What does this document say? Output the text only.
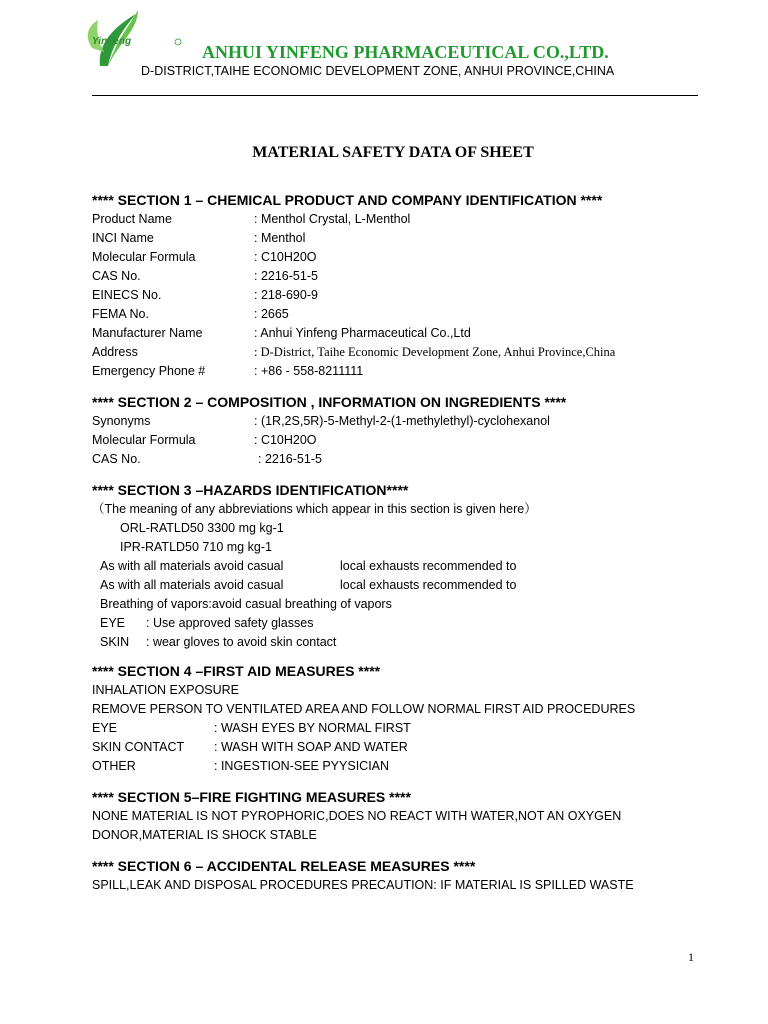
YinFeng
ANHUI YINFENG PHARMACEUTICAL CO.,LTD.
D-DISTRICT,TAIHE ECONOMIC DEVELOPMENT ZONE, ANHUI PROVINCE,CHINA
MATERIAL SAFETY DATA OF SHEET
**** SECTION 1 – CHEMICAL PRODUCT AND COMPANY IDENTIFICATION ****
Product Name	: Menthol Crystal, L-Menthol
INCI Name	: Menthol
Molecular Formula	: C10H20O
CAS No.	: 2216-51-5
EINECS No.	: 218-690-9
FEMA No.	: 2665
Manufacturer Name	: Anhui Yinfeng Pharmaceutical Co.,Ltd
Address	: D-District, Taihe Economic Development Zone, Anhui Province,China
Emergency Phone #	: +86 - 558-8211111
**** SECTION 2 – COMPOSITION , INFORMATION ON INGREDIENTS ****
Synonyms	: (1R,2S,5R)-5-Methyl-2-(1-methylethyl)-cyclohexanol
Molecular Formula	: C10H20O
CAS No.	: 2216-51-5
**** SECTION 3 –HAZARDS IDENTIFICATION****
（The meaning of any abbreviations which appear in this section is given here）
ORL-RATLD50 3300 mg kg-1
IPR-RATLD50 710 mg kg-1
As with all materials avoid casual	local exhausts recommended to
As with all materials avoid casual	local exhausts recommended to
Breathing of vapors:avoid casual breathing of vapors
EYE : Use approved safety glasses
SKIN : wear gloves to avoid skin contact
**** SECTION 4 –FIRST AID MEASURES ****
INHALATION EXPOSURE
REMOVE PERSON TO VENTILATED AREA AND FOLLOW NORMAL FIRST AID PROCEDURES
EYE	: WASH EYES BY NORMAL FIRST
SKIN CONTACT : WASH WITH SOAP AND WATER
OTHER	: INGESTION-SEE PYYSICIAN
**** SECTION 5–FIRE FIGHTING MEASURES ****
NONE MATERIAL IS NOT PYROPHORIC,DOES NO REACT WITH WATER,NOT AN OXYGEN
DONOR,MATERIAL IS SHOCK STABLE
**** SECTION 6 – ACCIDENTAL RELEASE MEASURES ****
SPILL,LEAK AND DISPOSAL PROCEDURES PRECAUTION: IF MATERIAL IS SPILLED WASTE
1
